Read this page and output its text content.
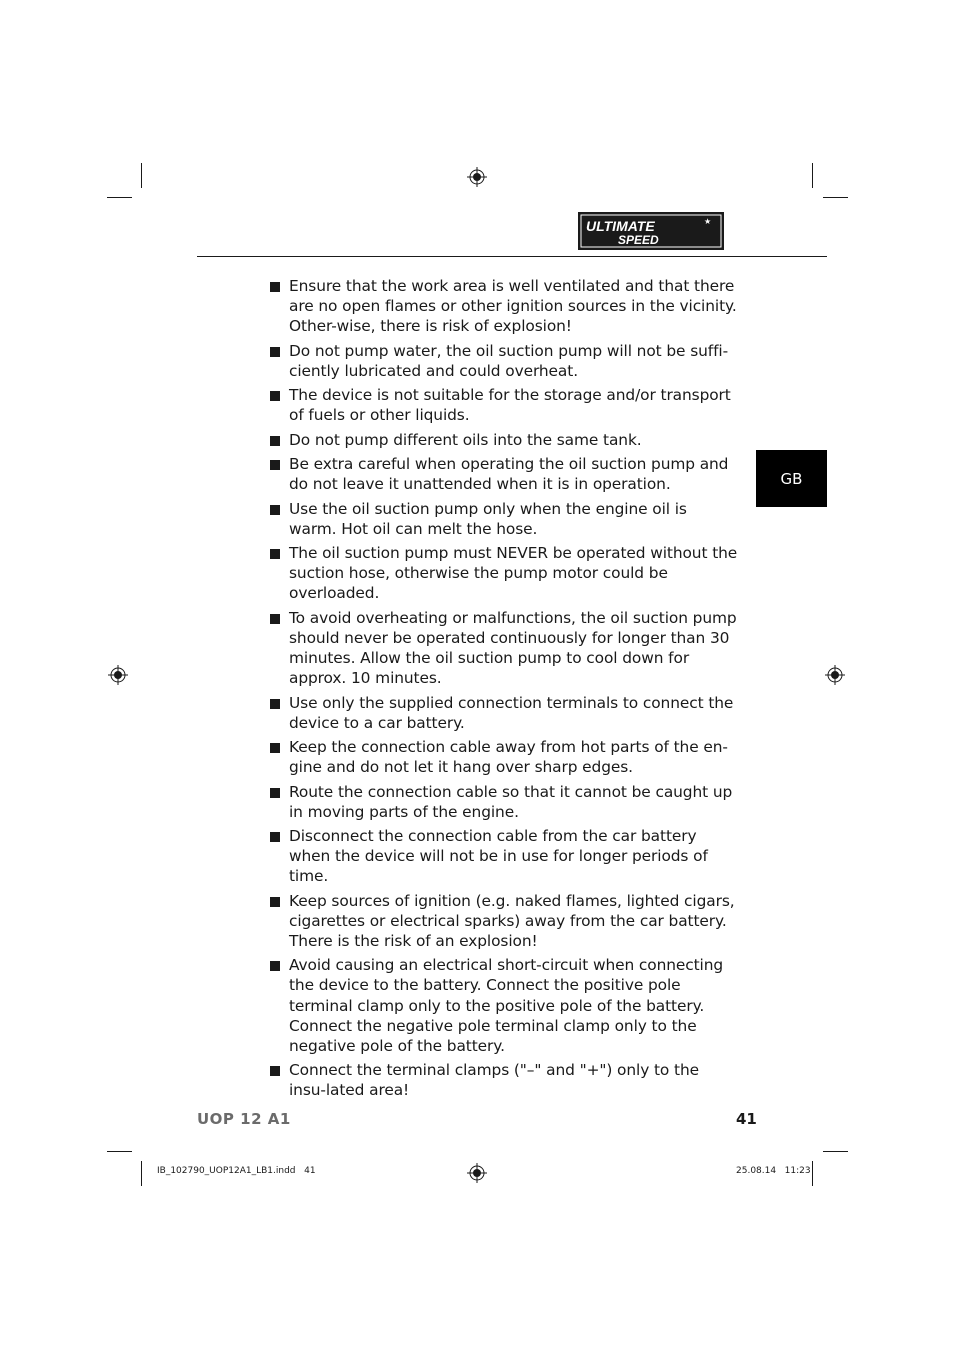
ULTIMATE
SPEED
★
GB
Ensure that the work area is well ventilated and that there are no open flames or other ignition sources in the vicinity. Other-wise, there is risk of explosion!
Do not pump water, the oil suction pump will not be suffi-ciently lubricated and could overheat.
The device is not suitable for the storage and/or transport of fuels or other liquids.
Do not pump different oils into the same tank.
Be extra careful when operating the oil suction pump and do not leave it unattended when it is in operation.
Use the oil suction pump only when the engine oil is warm. Hot oil can melt the hose.
The oil suction pump must NEVER be operated without the suction hose, otherwise the pump motor could be overloaded.
To avoid overheating or malfunctions, the oil suction pump should never be operated continuously for longer than 30 minutes. Allow the oil suction pump to cool down for approx. 10 minutes.
Use only the supplied connection terminals to connect the device to a car battery.
Keep the connection cable away from hot parts of the en-gine and do not let it hang over sharp edges.
Route the connection cable so that it cannot be caught up in moving parts of the engine.
Disconnect the connection cable from the car battery when the device will not be in use for longer periods of time.
Keep sources of ignition (e.g. naked flames, lighted cigars, cigarettes or electrical sparks) away from the car battery. There is the risk of an explosion!
Avoid causing an electrical short-circuit when connecting the device to the battery. Connect the positive pole terminal clamp only to the positive pole of the battery. Connect the negative pole terminal clamp only to the negative pole of the battery.
Connect the terminal clamps ("–" and "+") only to the insu-lated area!
UOP 12 A1	41
IB_102790_UOP12A1_LB1.indd   41	25.08.14   11:23
